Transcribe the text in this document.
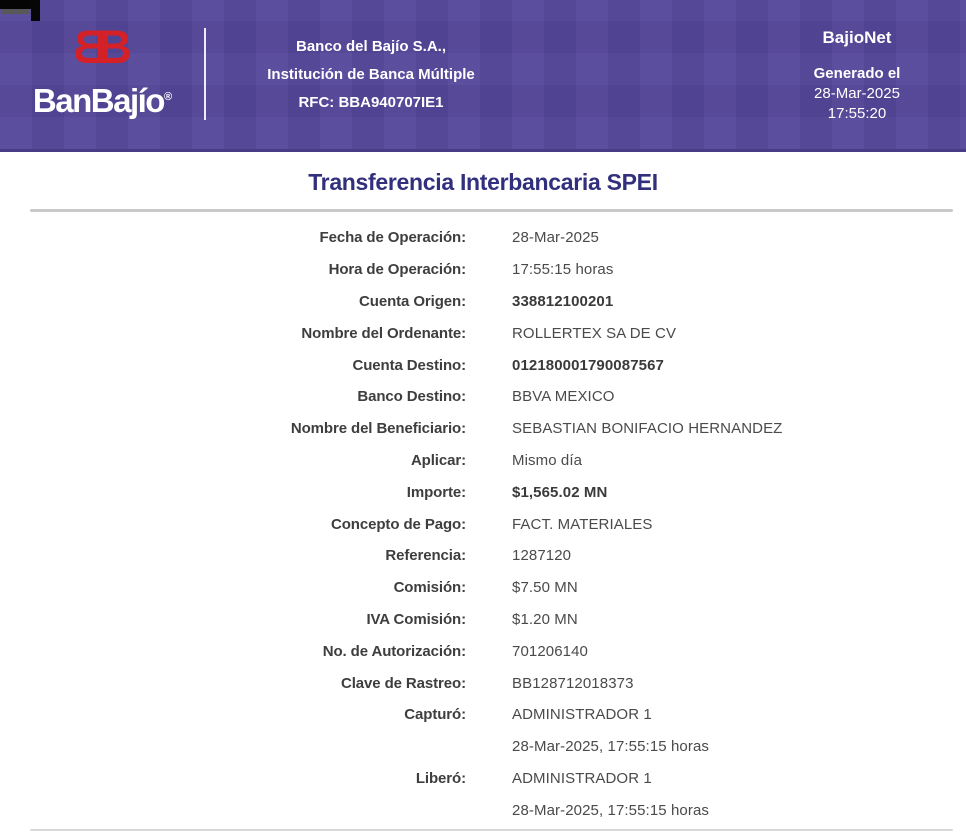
B
B
BanBajío®
Banco del Bajío S.A.,
Institución de Banca Múltiple
RFC: BBA940707IE1
BajioNet
Generado el
28-Mar-2025
17:55:20
Transferencia Interbancaria SPEI
Fecha de Operación:	28-Mar-2025
Hora de Operación:	17:55:15 horas
Cuenta Origen:	338812100201
Nombre del Ordenante:	ROLLERTEX SA DE CV
Cuenta Destino:	012180001790087567
Banco Destino:	BBVA MEXICO
Nombre del Beneficiario:	SEBASTIAN BONIFACIO HERNANDEZ
Aplicar:	Mismo día
Importe:	$1,565.02 MN
Concepto de Pago:	FACT. MATERIALES
Referencia:	1287120
Comisión:	$7.50 MN
IVA Comisión:	$1.20 MN
No. de Autorización:	701206140
Clave de Rastreo:	BB128712018373
Capturó:	ADMINISTRADOR 1
28-Mar-2025, 17:55:15 horas
Liberó:	ADMINISTRADOR 1
28-Mar-2025, 17:55:15 horas
